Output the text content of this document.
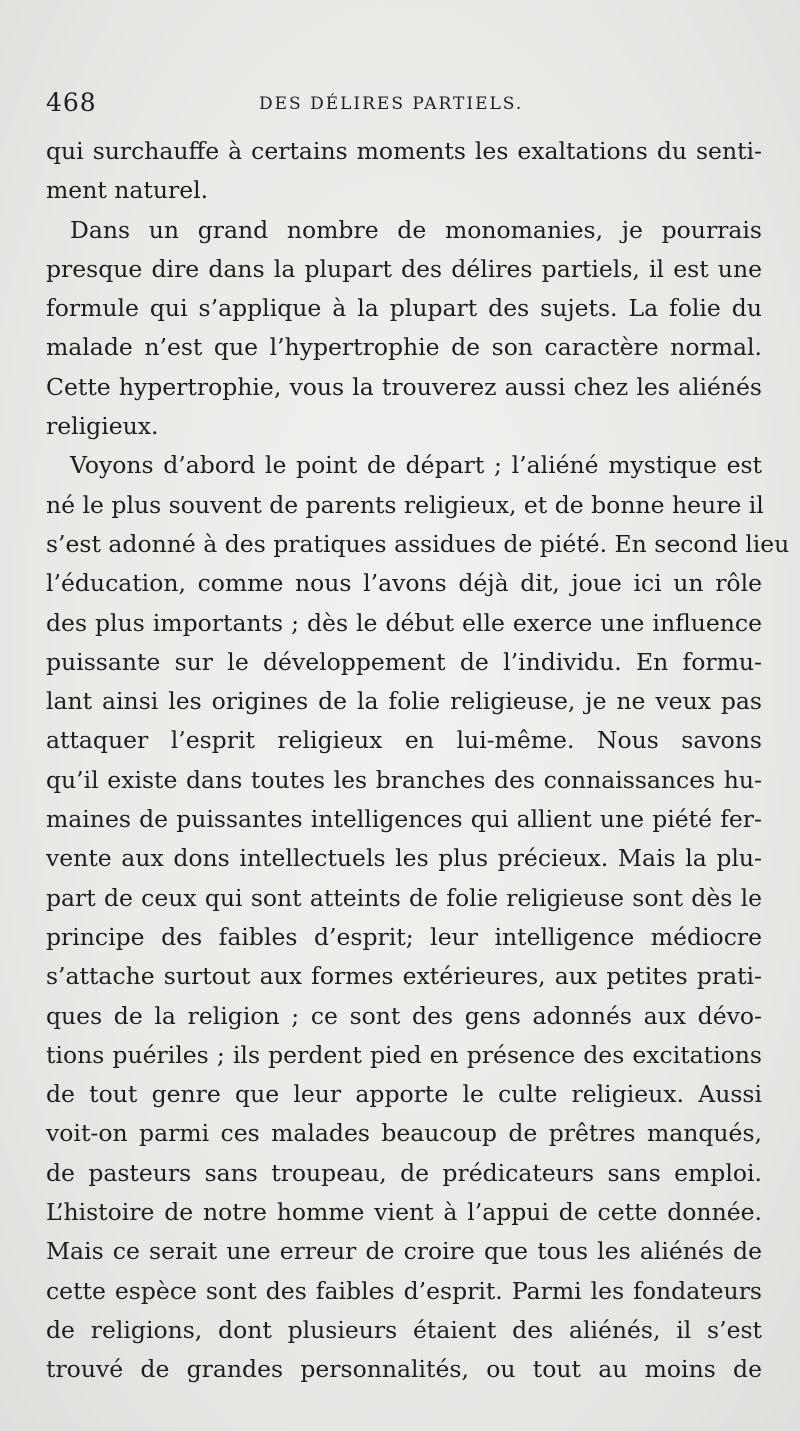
468	DES DÉLIRES PARTIELS.
qui surchauffe à certains moments les exaltations du senti-
ment naturel.
Dans un grand nombre de monomanies, je pourrais
presque dire dans la plupart des délires partiels, il est une
formule qui s’applique à la plupart des sujets. La folie du
malade n’est que l’hypertrophie de son caractère normal.
Cette hypertrophie, vous la trouverez aussi chez les aliénés
religieux.
Voyons d’abord le point de départ ; l’aliéné mystique est
né le plus souvent de parents religieux, et de bonne heure il
s’est adonné à des pratiques assidues de piété. En second lieu
l’éducation, comme nous l’avons déjà dit, joue ici un rôle
des plus importants ; dès le début elle exerce une influence
puissante sur le développement de l’individu. En formu-
lant ainsi les origines de la folie religieuse, je ne veux pas
attaquer l’esprit religieux en lui-même. Nous savons
qu’il existe dans toutes les branches des connaissances hu-
maines de puissantes intelligences qui allient une piété fer-
vente aux dons intellectuels les plus précieux. Mais la plu-
part de ceux qui sont atteints de folie religieuse sont dès le
principe des faibles d’esprit; leur intelligence médiocre
s’attache surtout aux formes extérieures, aux petites prati-
ques de la religion ; ce sont des gens adonnés aux dévo-
tions puériles ; ils perdent pied en présence des excitations
de tout genre que leur apporte le culte religieux. Aussi
voit-on parmi ces malades beaucoup de prêtres manqués,
de pasteurs sans troupeau, de prédicateurs sans emploi.
L’histoire de notre homme vient à l’appui de cette donnée.
Mais ce serait une erreur de croire que tous les aliénés de
cette espèce sont des faibles d’esprit. Parmi les fondateurs
de religions, dont plusieurs étaient des aliénés, il s’est
trouvé de grandes personnalités, ou tout au moins de
